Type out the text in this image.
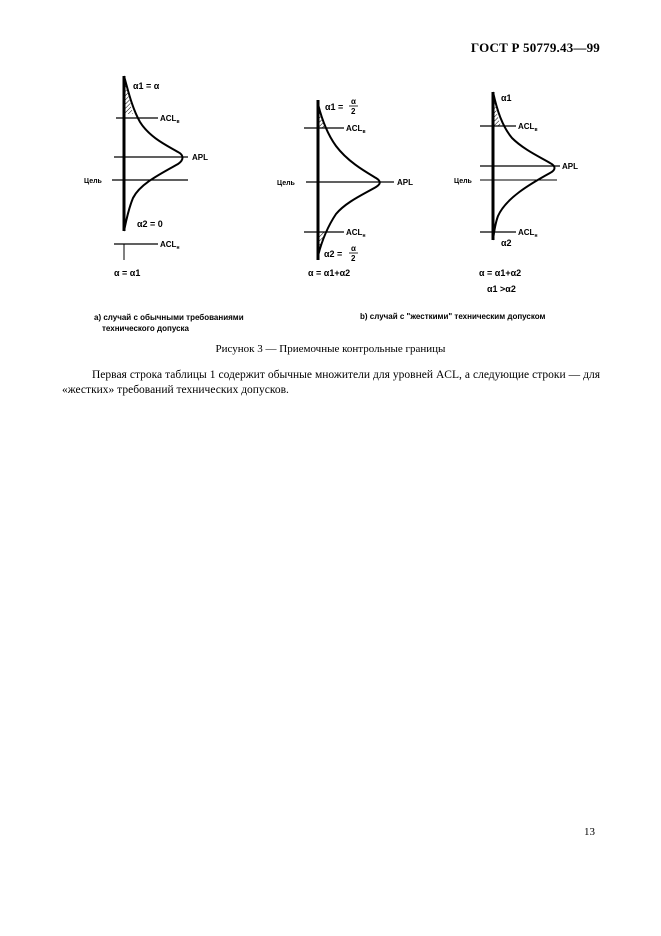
ГОСТ Р 50779.43—99
α1 = α
$ACL_в$
APL
Цель
α2 = 0
$ACL_н$
α = α1
α1 =
α
2
$ACL_в$
Цель	APL
$ACL_н$
α2 =
α
2
α = α1+α2
α1
$ACL_в$
APL
Цель
$ACL_н$
α2
α = α1+α2
α1 >α2
а) случай с обычными требованиями
технического допуска
b) случай с "жесткими" техническим допуском
Рисунок 3 — Приемочные контрольные границы
Первая строка таблицы 1 содержит обычные множители для уровней ACL, а следующие строки — для «жестких» требований технических допусков.
13
